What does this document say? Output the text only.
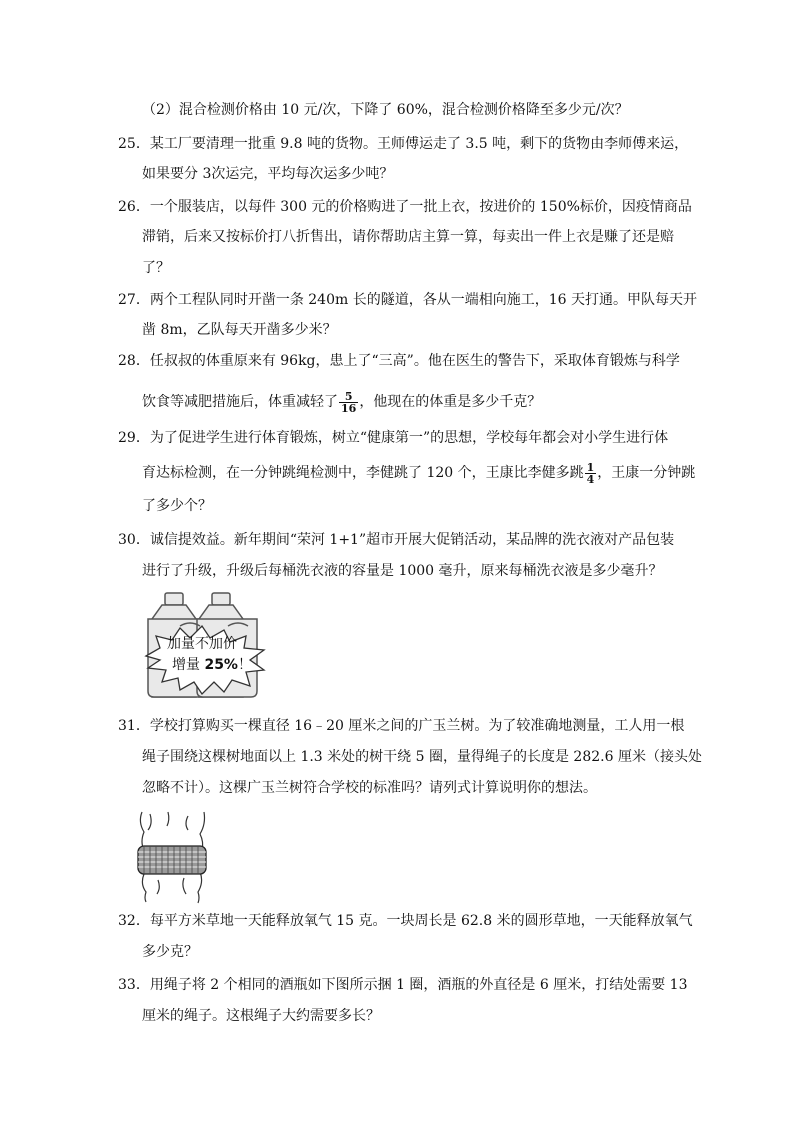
（2）混合检测价格由 10 元/次，下降了 60%，混合检测价格降至多少元/次？
25．某工厂要清理一批重 9.8 吨的货物。王师傅运走了 3.5 吨，剩下的货物由李师傅来运，
如果要分 3次运完，平均每次运多少吨？
26．一个服装店，以每件 300 元的价格购进了一批上衣，按进价的 150%标价，因疫情商品
滞销，后来又按标价打八折售出，请你帮助店主算一算，每卖出一件上衣是赚了还是赔
了？
27．两个工程队同时开凿一条 240m 长的隧道，各从一端相向施工，16 天打通。甲队每天开
凿 8m，乙队每天开凿多少米？
28．任叔叔的体重原来有 96kg，患上了“三高”。他在医生的警告下，采取体育锻炼与科学
饮食等减肥措施后，体重减轻了 $\frac{5}{16}$ ，他现在的体重是多少千克？
29．为了促进学生进行体育锻炼，树立“健康第一”的思想，学校每年都会对小学生进行体
育达标检测，在一分钟跳绳检测中，李健跳了 120 个，王康比李健多跳 $\frac{1}{4}$ ，王康一分钟跳
了多少个？
30．诚信提效益。新年期间“荣河 1+1”超市开展大促销活动，某品牌的洗衣液对产品包装
进行了升级，升级后每桶洗衣液的容量是 1000 毫升，原来每桶洗衣液是多少毫升？
加量不加价
增量 25%！
31．学校打算购买一棵直径 16﹣20 厘米之间的广玉兰树。为了较准确地测量，工人用一根
绳子围绕这棵树地面以上 1.3 米处的树干绕 5 圈，量得绳子的长度是 282.6 厘米（接头处
忽略不计）。这棵广玉兰树符合学校的标准吗？请列式计算说明你的想法。
32．每平方米草地一天能释放氧气 15 克。一块周长是 62.8 米的圆形草地，一天能释放氧气
多少克？
33．用绳子将 2 个相同的酒瓶如下图所示捆 1 圈，酒瓶的外直径是 6 厘米，打结处需要 13
厘米的绳子。这根绳子大约需要多长？
